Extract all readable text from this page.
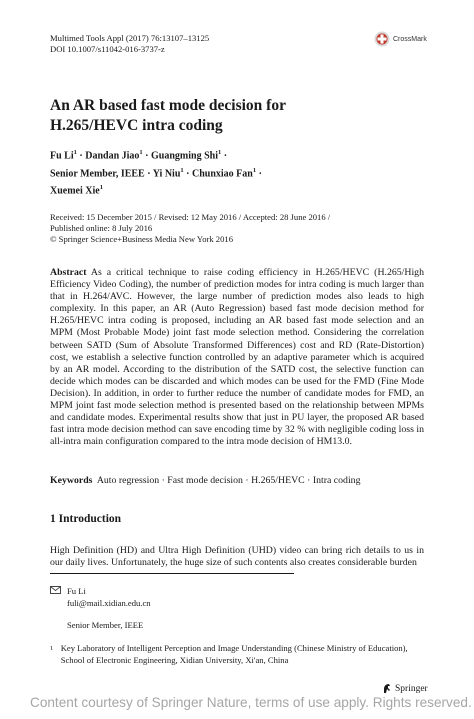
Multimed Tools Appl (2017) 76:13107–13125
DOI 10.1007/s11042-016-3737-z
CrossMark
An AR based fast mode decision for H.265/HEVC intra coding
Fu $Li^1$ · Dandan Jiao$^1$ · Guangming Shi$^1$ ·
Senior Member, IEEE · Yi Niu$^1$ · Chunxiao Fan$^1$ ·
Xuemei Xie$^1$
Received: 15 December 2015 / Revised: 12 May 2016 / Accepted: 28 June 2016 /
Published online: 8 July 2016
© Springer Science+Business Media New York 2016
Abstract As a critical technique to raise coding efficiency in H.265/HEVC (H.265/High Efficiency Video Coding), the number of prediction modes for intra coding is much larger than that in H.264/AVC. However, the large number of prediction modes also leads to high complexity. In this paper, an AR (Auto Regression) based fast mode decision method for H.265/HEVC intra coding is proposed, including an AR based fast mode selection and an MPM (Most Probable Mode) joint fast mode selection method. Considering the correlation between SATD (Sum of Absolute Transformed Differences) cost and RD (Rate-Distortion) cost, we establish a selective function controlled by an adaptive parameter which is acquired by an AR model. According to the distribution of the SATD cost, the selective function can decide which modes can be discarded and which modes can be used for the FMD (Fine Mode Decision). In addition, in order to further reduce the number of candidate modes for FMD, an MPM joint fast mode selection method is presented based on the relationship between MPMs and candidate modes. Experimental results show that just in PU layer, the proposed AR based fast intra mode decision method can save encoding time by 32 % with negligible coding loss in all-intra main configuration compared to the intra mode decision of HM13.0.
Keywords Auto regression · Fast mode decision · H.265/HEVC · Intra coding
1 Introduction
High Definition (HD) and Ultra High Definition (UHD) video can bring rich details to us in our daily lives. Unfortunately, the huge size of such contents also creates considerable burden
Fu Li
fuli@mail.xidian.edu.cn
Senior Member, IEEE
1 Key Laboratory of Intelligent Perception and Image Understanding (Chinese Ministry of Education), School of Electronic Engineering, Xidian University, Xi'an, China
Springer
Content courtesy of Springer Nature, terms of use apply. Rights reserved.
